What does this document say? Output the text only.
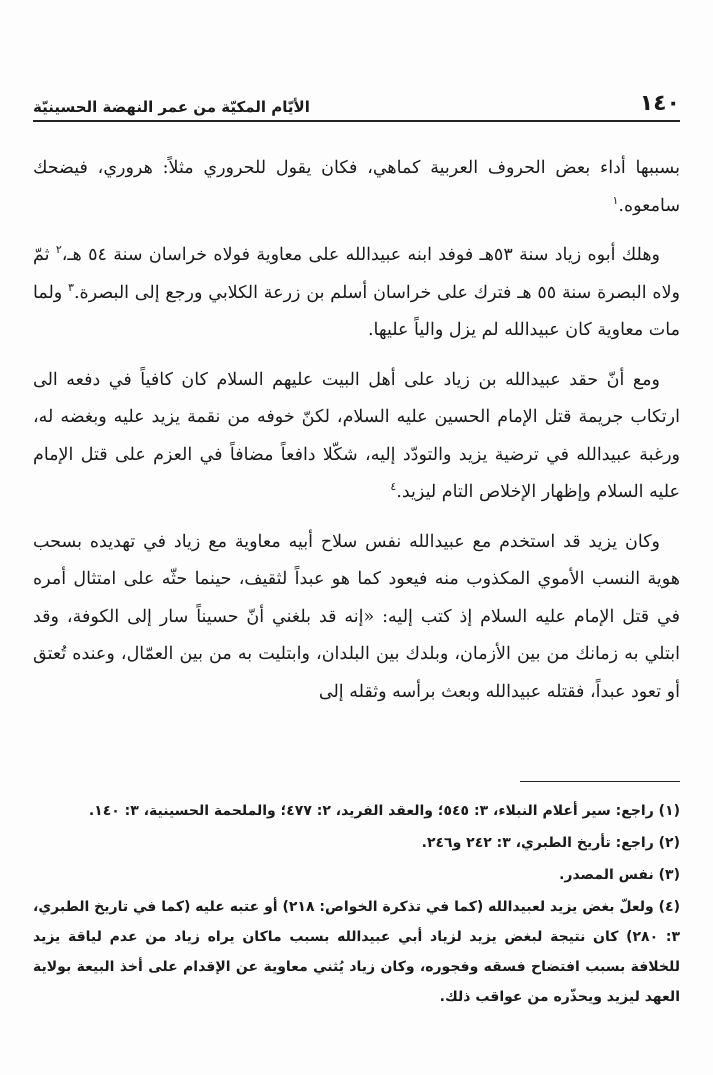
١٤٠
الأيّام المكيّة من عمر النهضة الحسينيّة

بسببها أداء بعض الحروف العربية كماهي، فكان يقول للحروري مثلاً: هروري، فيضحك سامعوه.$^١$

وهلك أبوه زياد سنة ٥٣هـ فوفد ابنه عبيدالله على معاوية فولاه خراسان سنة ٥٤ هـ،$^٢$ ثمّ ولاه البصرة سنة ٥٥ هـ فترك على خراسان أسلم بن زرعة الكلابي ورجع إلى البصرة.$^٣$ ولما مات معاوية كان عبيدالله لم يزل والياً عليها.

ومع أنّ حقد عبيدالله بن زياد على أهل البيت عليهم السلام كان كافياً في دفعه الى ارتكاب جريمة قتل الإمام الحسين عليه السلام، لكنّ خوفه من نقمة يزيد عليه وبغضه له، ورغبة عبيدالله في ترضية يزيد والتودّد إليه، شكّلا دافعاً مضافاً في العزم على قتل الإمام عليه السلام وإظهار الإخلاص التام ليزيد.$^٤$

وكان يزيد قد استخدم مع عبيدالله نفس سلاح أبيه معاوية مع زياد في تهديده بسحب هوية النسب الأموي المكذوب منه فيعود كما هو عبداً لثقيف، حينما حثّه على امتثال أمره في قتل الإمام عليه السلام إذ كتب إليه: «إنه قد بلغني أنّ حسيناً سار إلى الكوفة، وقد ابتلي به زمانك من بين الأزمان، وبلدك بين البلدان، وابتليت به من بين العمّال، وعنده تُعتق أو تعود عبداً، فقتله عبيدالله وبعث برأسه وثقله إلى

(١) راجع: سير أعلام النبلاء، ٣: ٥٤٥؛ والعقد الفريد، ٢: ٤٧٧؛ والملحمة الحسينية، ٣: ١٤٠.

(٢) راجع: تأريخ الطبري، ٣: ٢٤٢ و٢٤٦.

(٣) نفس المصدر.

(٤) ولعلّ بغض يزيد لعبيدالله (كما في تذكرة الخواص: ٢١٨) أو عتبه عليه (كما في تاريخ الطبري، ٣: ٢٨٠) كان نتيجة لبغض يزيد لزياد أبي عبيدالله بسبب ماكان يراه زياد من عدم لياقة يزيد للخلافة بسبب افتضاح فسقه وفجوره، وكان زياد يُثني معاوية عن الإقدام على أخذ البيعة بولاية العهد ليزيد ويحذّره من عواقب ذلك.
